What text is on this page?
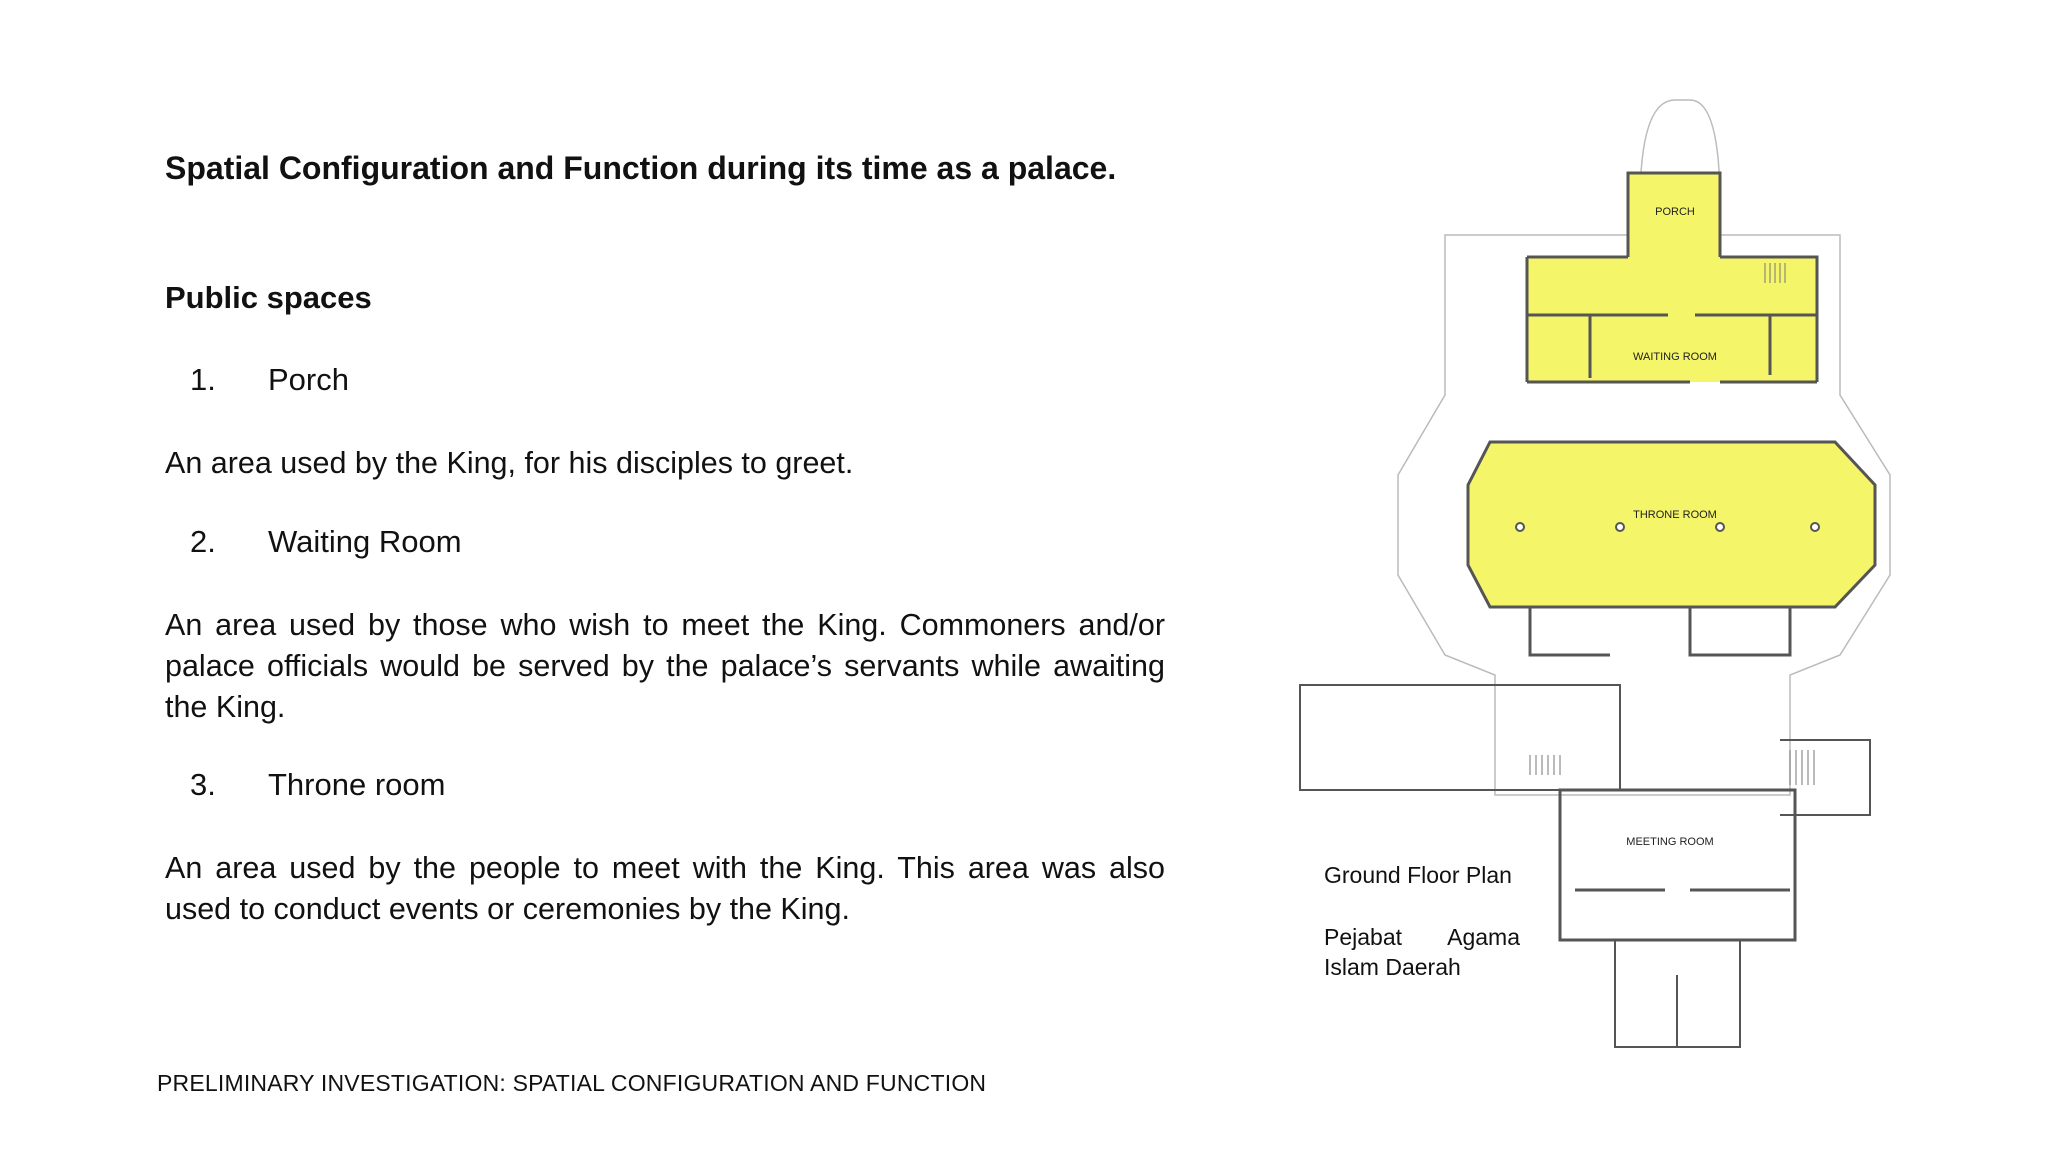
Spatial Configuration and Function during its time as a palace.
Public spaces
1. Porch

An area used by the King, for his disciples to greet.

2. Waiting Room

An area used by those who wish to meet the King. Commoners and/or palace officials would be served by the palace’s servants while awaiting the King.

3. Throne room

An area used by the people to meet with the King. This area was also used to conduct events or ceremonies by the King.

PRELIMINARY INVESTIGATION: SPATIAL CONFIGURATION AND FUNCTION
PORCH
WAITING ROOM
THRONE ROOM
MEETING ROOM
Ground Floor Plan
Pejabat Agama
Islam Daerah
